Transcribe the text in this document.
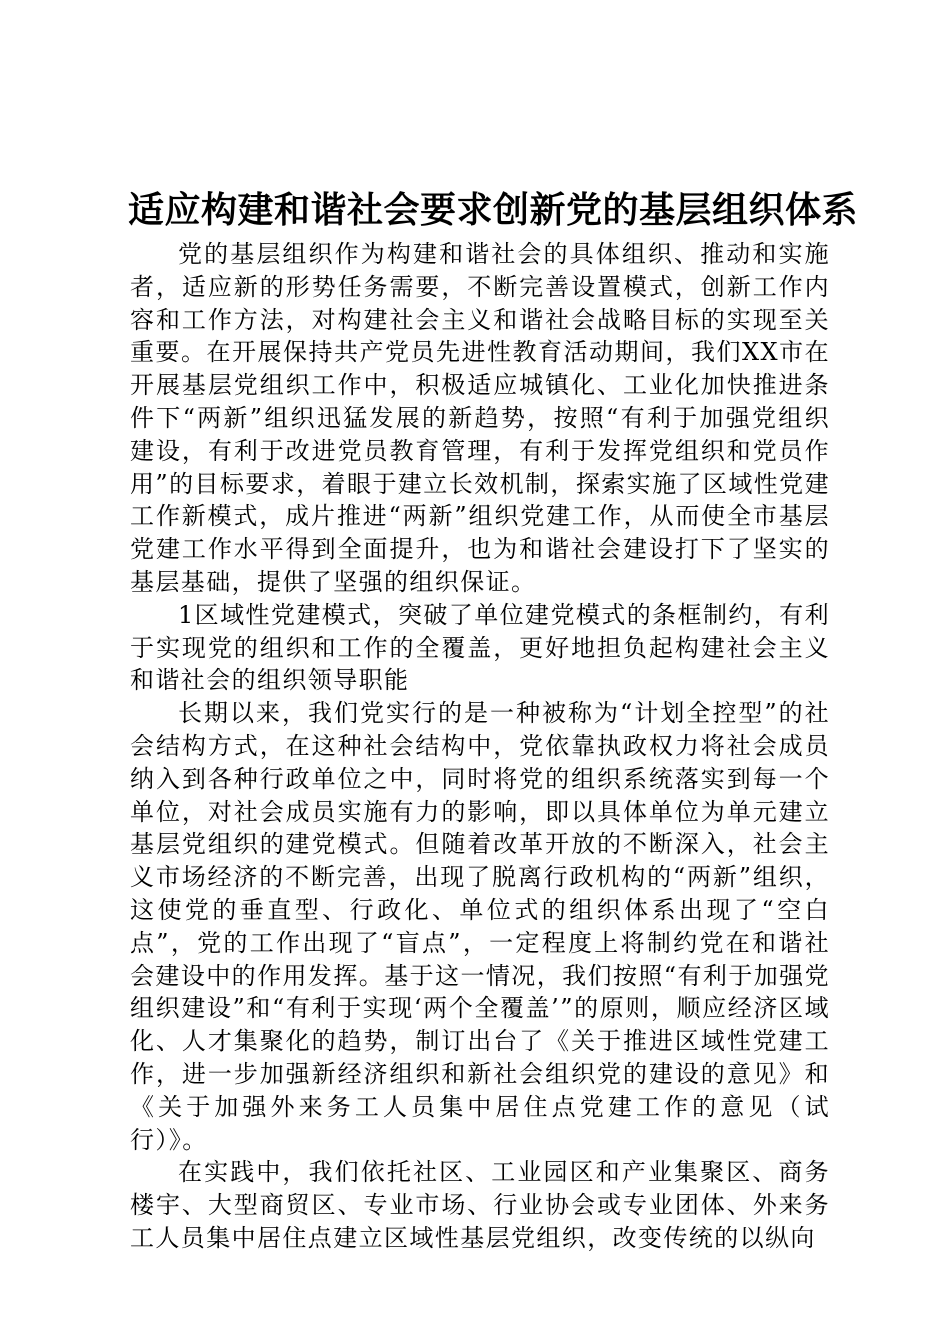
适应构建和谐社会要求创新党的基层组织体系

党的基层组织作为构建和谐社会的具体组织、推动和实施者，适应新的形势任务需要，不断完善设置模式，创新工作内容和工作方法，对构建社会主义和谐社会战略目标的实现至关重要。在开展保持共产党员先进性教育活动期间，我们XX市在开展基层党组织工作中，积极适应城镇化、工业化加快推进条件下“两新”组织迅猛发展的新趋势，按照“有利于加强党组织建设，有利于改进党员教育管理，有利于发挥党组织和党员作用”的目标要求，着眼于建立长效机制，探索实施了区域性党建工作新模式，成片推进“两新”组织党建工作，从而使全市基层党建工作水平得到全面提升，也为和谐社会建设打下了坚实的基层基础，提供了坚强的组织保证。

1区域性党建模式，突破了单位建党模式的条框制约，有利于实现党的组织和工作的全覆盖，更好地担负起构建社会主义和谐社会的组织领导职能

长期以来，我们党实行的是一种被称为“计划全控型”的社会结构方式，在这种社会结构中，党依靠执政权力将社会成员纳入到各种行政单位之中，同时将党的组织系统落实到每一个单位，对社会成员实施有力的影响，即以具体单位为单元建立基层党组织的建党模式。但随着改革开放的不断深入，社会主义市场经济的不断完善，出现了脱离行政机构的“两新”组织，这使党的垂直型、行政化、单位式的组织体系出现了“空白点”，党的工作出现了“盲点”，一定程度上将制约党在和谐社会建设中的作用发挥。基于这一情况，我们按照“有利于加强党组织建设”和“有利于实现‘两个全覆盖’”的原则，顺应经济区域化、人才集聚化的趋势，制订出台了《关于推进区域性党建工作，进一步加强新经济组织和新社会组织党的建设的意见》和《关于加强外来务工人员集中居住点党建工作的意见（试行）》。

在实践中，我们依托社区、工业园区和产业集聚区、商务楼宇、大型商贸区、专业市场、行业协会或专业团体、外来务工人员集中居住点建立区域性基层党组织，改变传统的以纵向
